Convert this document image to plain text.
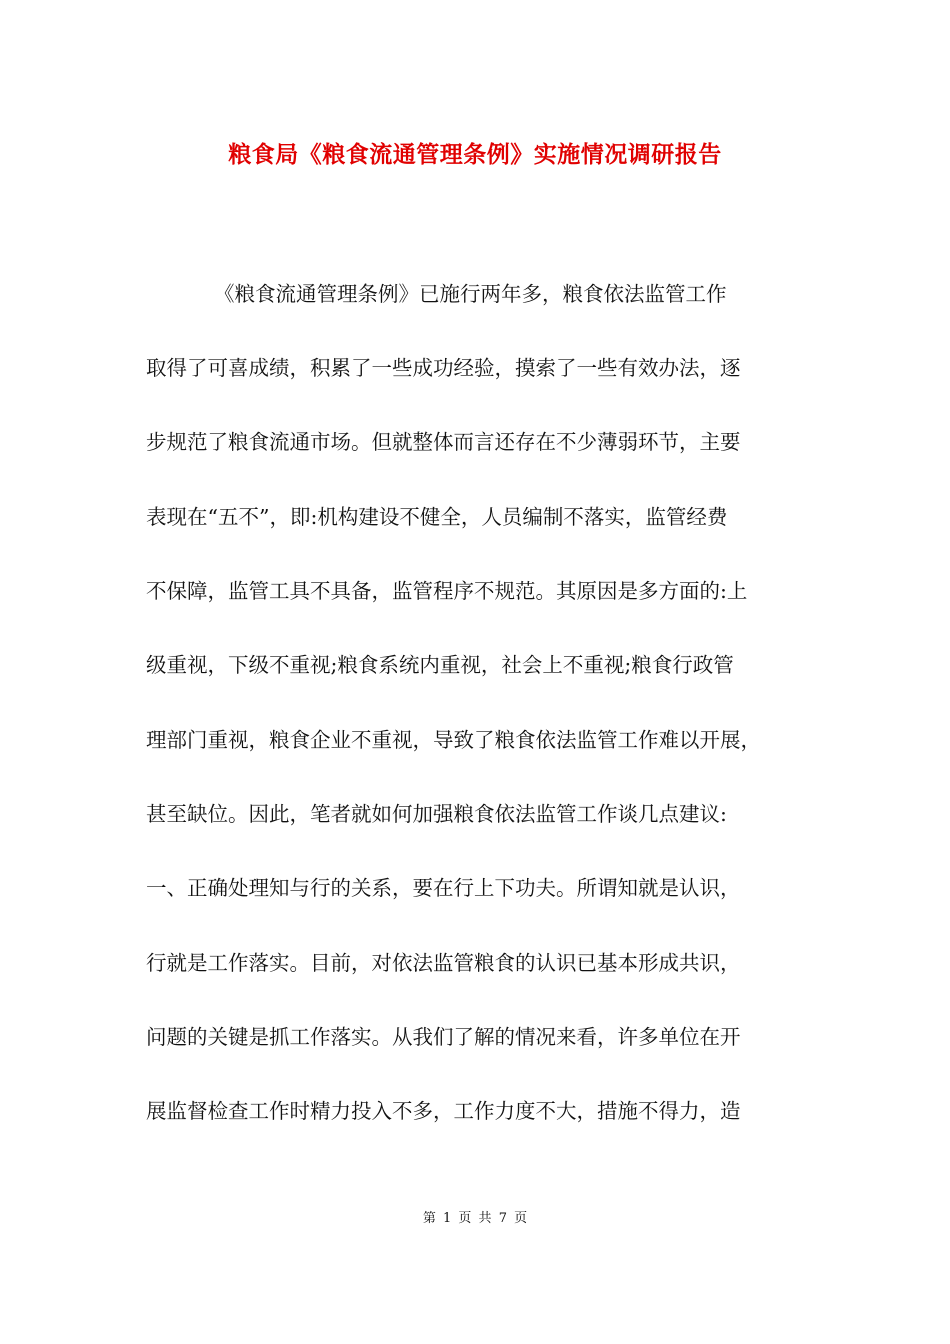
粮食局《粮食流通管理条例》实施情况调研报告
《粮食流通管理条例》已施行两年多，粮食依法监管工作
取得了可喜成绩，积累了一些成功经验，摸索了一些有效办法，逐
步规范了粮食流通市场。但就整体而言还存在不少薄弱环节，主要
表现在“五不”，即:机构建设不健全，人员编制不落实，监管经费
不保障，监管工具不具备，监管程序不规范。其原因是多方面的:上
级重视，下级不重视;粮食系统内重视，社会上不重视;粮食行政管
理部门重视，粮食企业不重视，导致了粮食依法监管工作难以开展，
甚至缺位。因此，笔者就如何加强粮食依法监管工作谈几点建议:
一、正确处理知与行的关系，要在行上下功夫。所谓知就是认识，
行就是工作落实。目前，对依法监管粮食的认识已基本形成共识，
问题的关键是抓工作落实。从我们了解的情况来看，许多单位在开
展监督检查工作时精力投入不多，工作力度不大，措施不得力，造
第 1 页 共 7 页
